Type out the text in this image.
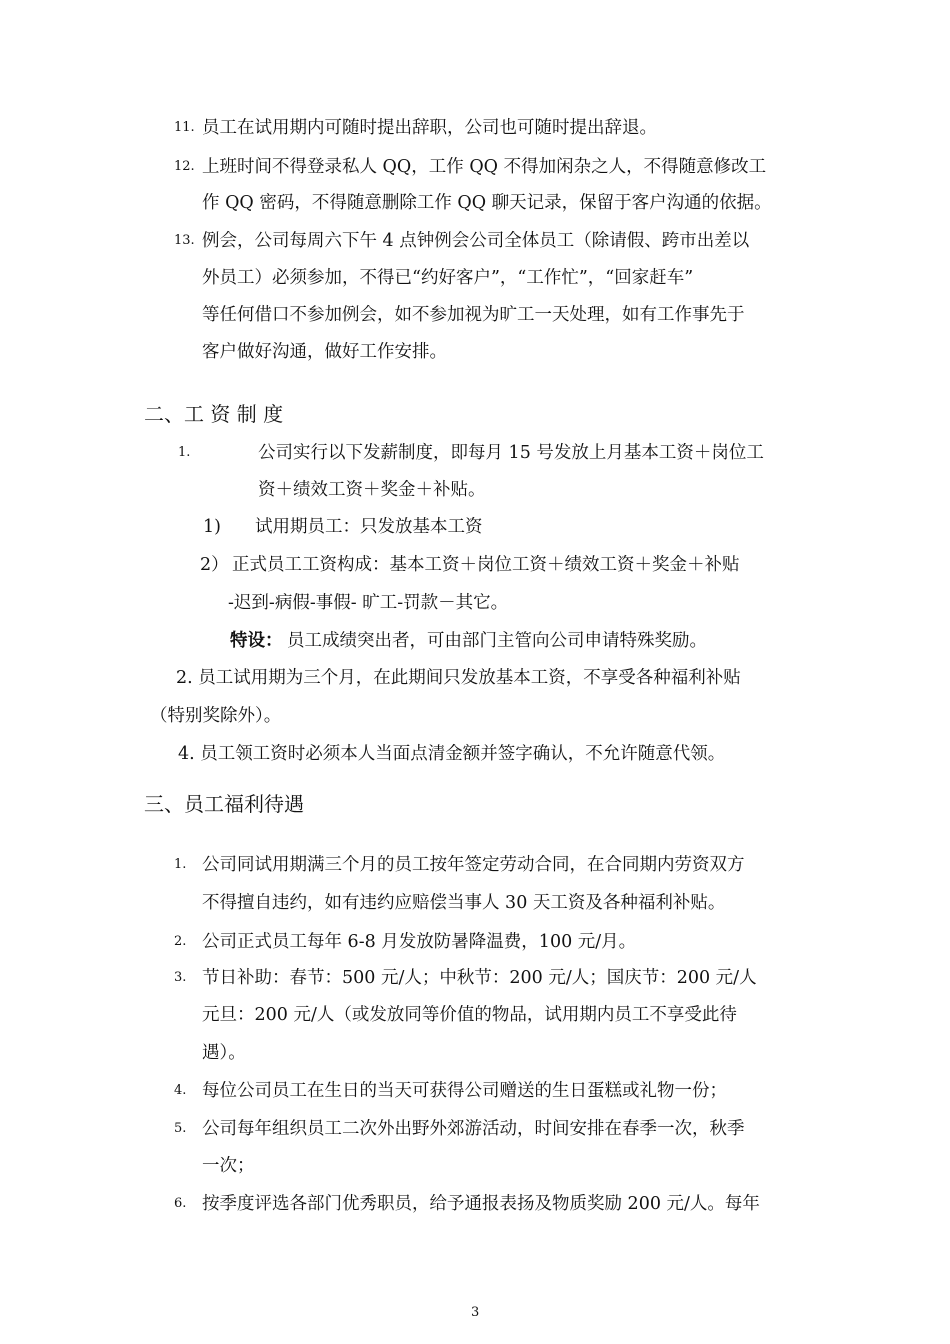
11. 员工在试用期内可随时提出辞职，公司也可随时提出辞退。
12. 上班时间不得登录私人 QQ，工作 QQ 不得加闲杂之人，不得随意修改工
作 QQ 密码，不得随意删除工作 QQ 聊天记录，保留于客户沟通的依据。
13. 例会，公司每周六下午 4 点钟例会公司全体员工（除请假、跨市出差以
外员工）必须参加，不得已“约好客户”，“工作忙”，“回家赶车”
等任何借口不参加例会，如不参加视为旷工一天处理，如有工作事先于
客户做好沟通，做好工作安排。
二、工 资 制 度
1.	公司实行以下发薪制度，即每月 15 号发放上月基本工资＋岗位工
资＋绩效工资＋奖金＋补贴。
1) 试用期员工：只发放基本工资
2） 正式员工工资构成：基本工资＋岗位工资＋绩效工资＋奖金＋补贴
-迟到-病假-事假- 旷工-罚款－其它。
特设： 员工成绩突出者，可由部门主管向公司申请特殊奖励。
2. 员工试用期为三个月，在此期间只发放基本工资，不享受各种福利补贴
（特别奖除外）。
4. 员工领工资时必须本人当面点清金额并签字确认，不允许随意代领。
三、员工福利待遇
1. 公司同试用期满三个月的员工按年签定劳动合同，在合同期内劳资双方
不得擅自违约，如有违约应赔偿当事人 30 天工资及各种福利补贴。
2. 公司正式员工每年 6-8 月发放防暑降温费，100 元/月。
3. 节日补助：春节：500 元/人；中秋节：200 元/人；国庆节：200 元/人
元旦：200 元/人（或发放同等价值的物品，试用期内员工不享受此待
遇）。
4. 每位公司员工在生日的当天可获得公司赠送的生日蛋糕或礼物一份；
5. 公司每年组织员工二次外出野外郊游活动，时间安排在春季一次，秋季
一次；
6. 按季度评选各部门优秀职员，给予通报表扬及物质奖励 200 元/人。每年
3
